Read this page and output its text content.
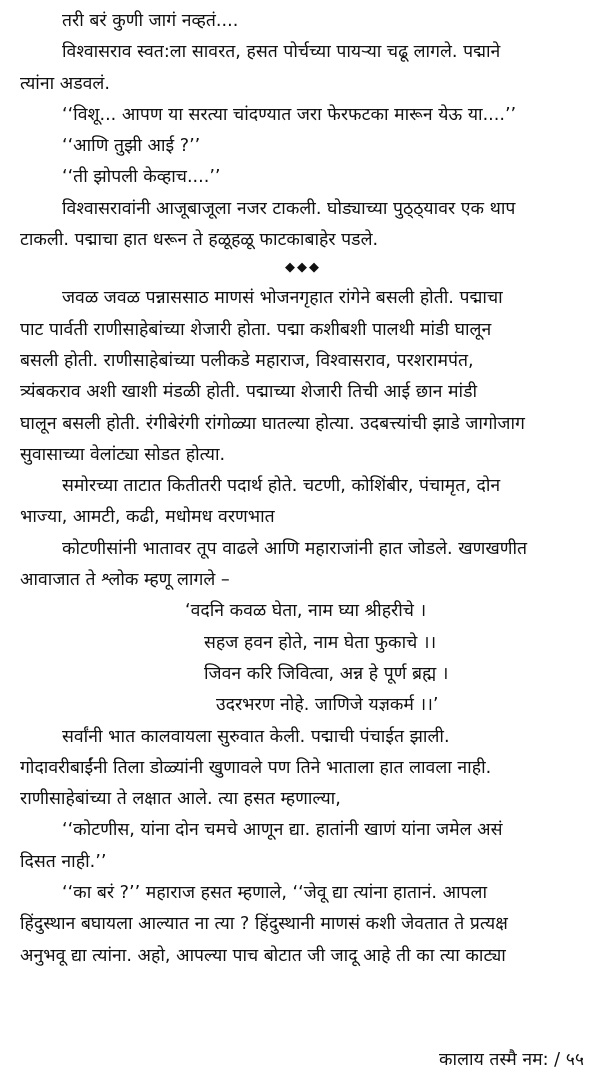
तरी बरं कुणी जागं नव्हतं....

विश्वासराव स्वत:ला सावरत, हसत पोर्चच्या पायऱ्या चढू लागले. पद्माने
त्यांना अडवलं.

‘‘विशू... आपण या सरत्या चांदण्यात जरा फेरफटका मारून येऊ या....’’

‘‘आणि तुझी आई ?’’

‘‘ती झोपली केव्हाच....’’

विश्वासरावांनी आजूबाजूला नजर टाकली. घोड्याच्या पुठ्ठ्यावर एक थाप
टाकली. पद्माचा हात धरून ते हळूहळू फाटकाबाहेर पडले.

◆◆◆

जवळ जवळ पन्नाससाठ माणसं भोजनगृहात रांगेने बसली होती. पद्माचा
पाट पार्वती राणीसाहेबांच्या शेजारी होता. पद्मा कशीबशी पालथी मांडी घालून
बसली होती. राणीसाहेबांच्या पलीकडे महाराज, विश्वासराव, परशरामपंत,
त्र्यंबकराव अशी खाशी मंडळी होती. पद्माच्या शेजारी तिची आई छान मांडी
घालून बसली होती. रंगीबेरंगी रांगोळ्या घातल्या होत्या. उदबत्त्यांची झाडे जागोजाग
सुवासाच्या वेलांट्या सोडत होत्या.

समोरच्या ताटात कितीतरी पदार्थ होते. चटणी, कोशिंबीर, पंचामृत, दोन
भाज्या, आमटी, कढी, मधोमध वरणभात

कोटणीसांनी भातावर तूप वाढले आणि महाराजांनी हात जोडले. खणखणीत
आवाजात ते श्लोक म्हणू लागले –

‘वदनि कवळ घेता, नाम घ्या श्रीहरीचे ।
सहज हवन होते, नाम घेता फुकाचे ।।
जिवन करि जिवित्वा, अन्न हे पूर्ण ब्रह्म ।
उदरभरण नोहे. जाणिजे यज्ञकर्म ।।’

सर्वांनी भात कालवायला सुरुवात केली. पद्माची पंचाईत झाली.
गोदावरीबाईंनी तिला डोळ्यांनी खुणावले पण तिने भाताला हात लावला नाही.
राणीसाहेबांच्या ते लक्षात आले. त्या हसत म्हणाल्या,

‘‘कोटणीस, यांना दोन चमचे आणून द्या. हातांनी खाणं यांना जमेल असं
दिसत नाही.’’

‘‘का बरं ?’’ महाराज हसत म्हणाले, ‘‘जेवू द्या त्यांना हातानं. आपला
हिंदुस्थान बघायला आल्यात ना त्या ? हिंदुस्थानी माणसं कशी जेवतात ते प्रत्यक्ष
अनुभवू द्या त्यांना. अहो, आपल्या पाच बोटात जी जादू आहे ती का त्या काट्या

कालाय तस्मै नम: / ५५
